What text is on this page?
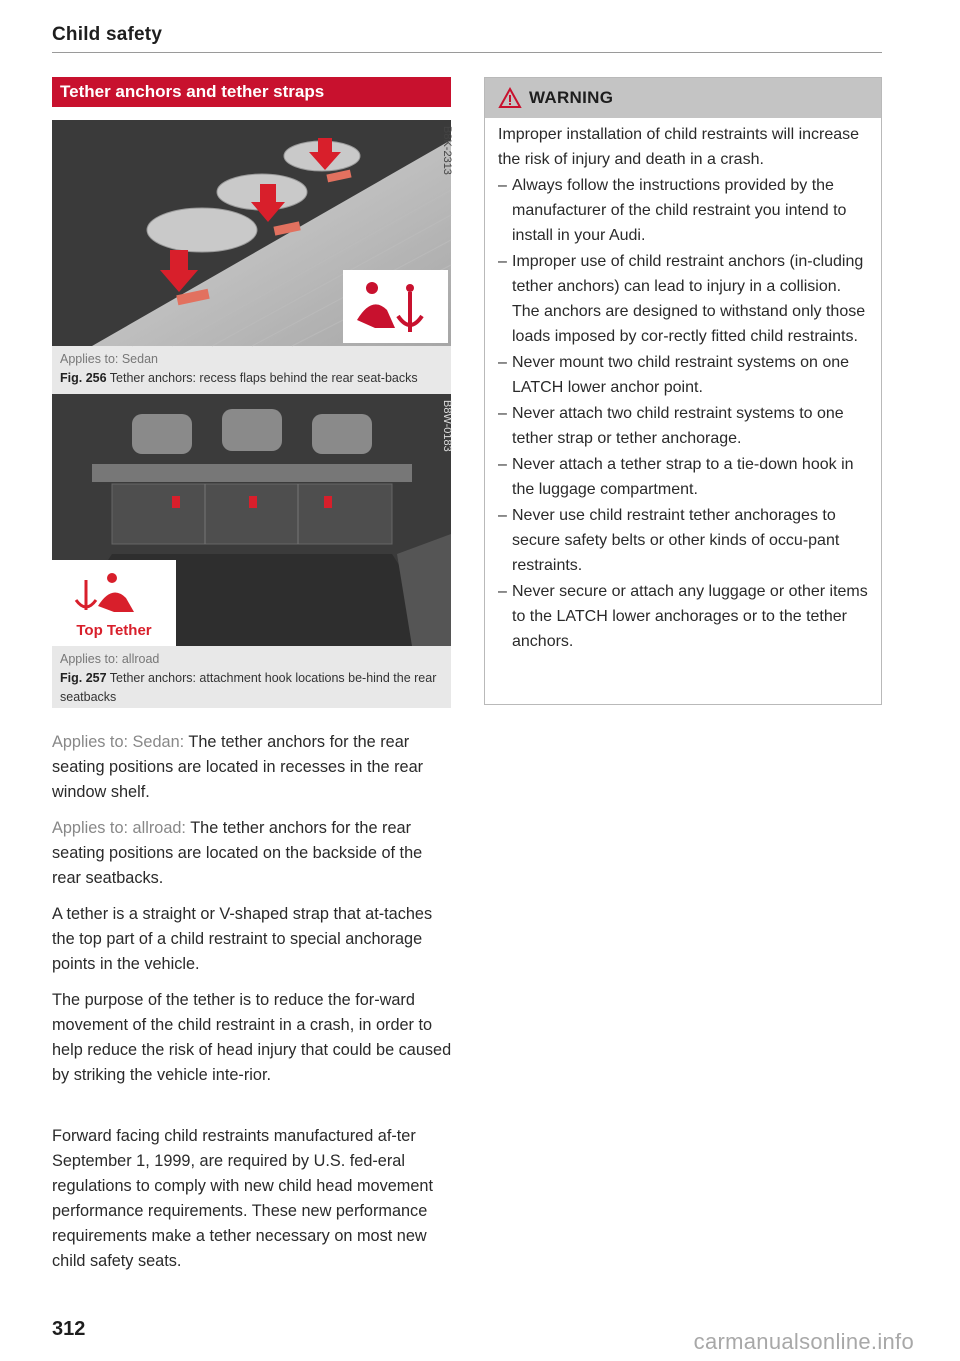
Child safety
Tether anchors and tether straps
B8K-2313
Applies to: Sedan
Fig. 256 Tether anchors: recess flaps behind the rear seat-backs
Top Tether
B8W-0183
Applies to: allroad
Fig. 257 Tether anchors: attachment hook locations be-hind the rear seatbacks

Applies to: Sedan: The tether anchors for the rear seating positions are located in recesses in the rear window shelf.

Applies to: allroad: The tether anchors for the rear seating positions are located on the backside of the rear seatbacks.

A tether is a straight or V-shaped strap that at-taches the top part of a child restraint to special anchorage points in the vehicle.

The purpose of the tether is to reduce the for-ward movement of the child restraint in a crash, in order to help reduce the risk of head injury that could be caused by striking the vehicle inte-rior.

Forward facing child restraints manufactured af-ter September 1, 1999, are required by U.S. fed-eral regulations to comply with new child head movement performance requirements. These new performance requirements make a tether necessary on most new child safety seats.

WARNING

Improper installation of child restraints will increase the risk of injury and death in a crash.

– Always follow the instructions provided by the manufacturer of the child restraint you intend to install in your Audi.
– Improper use of child restraint anchors (in-cluding tether anchors) can lead to injury in a collision. The anchors are designed to withstand only those loads imposed by cor-rectly fitted child restraints.
– Never mount two child restraint systems on one LATCH lower anchor point.
– Never attach two child restraint systems to one tether strap or tether anchorage.
– Never attach a tether strap to a tie-down hook in the luggage compartment.
– Never use child restraint tether anchorages to secure safety belts or other kinds of occu-pant restraints.
– Never secure or attach any luggage or other items to the LATCH lower anchorages or to the tether anchors.
312	carmanualsonline.info
